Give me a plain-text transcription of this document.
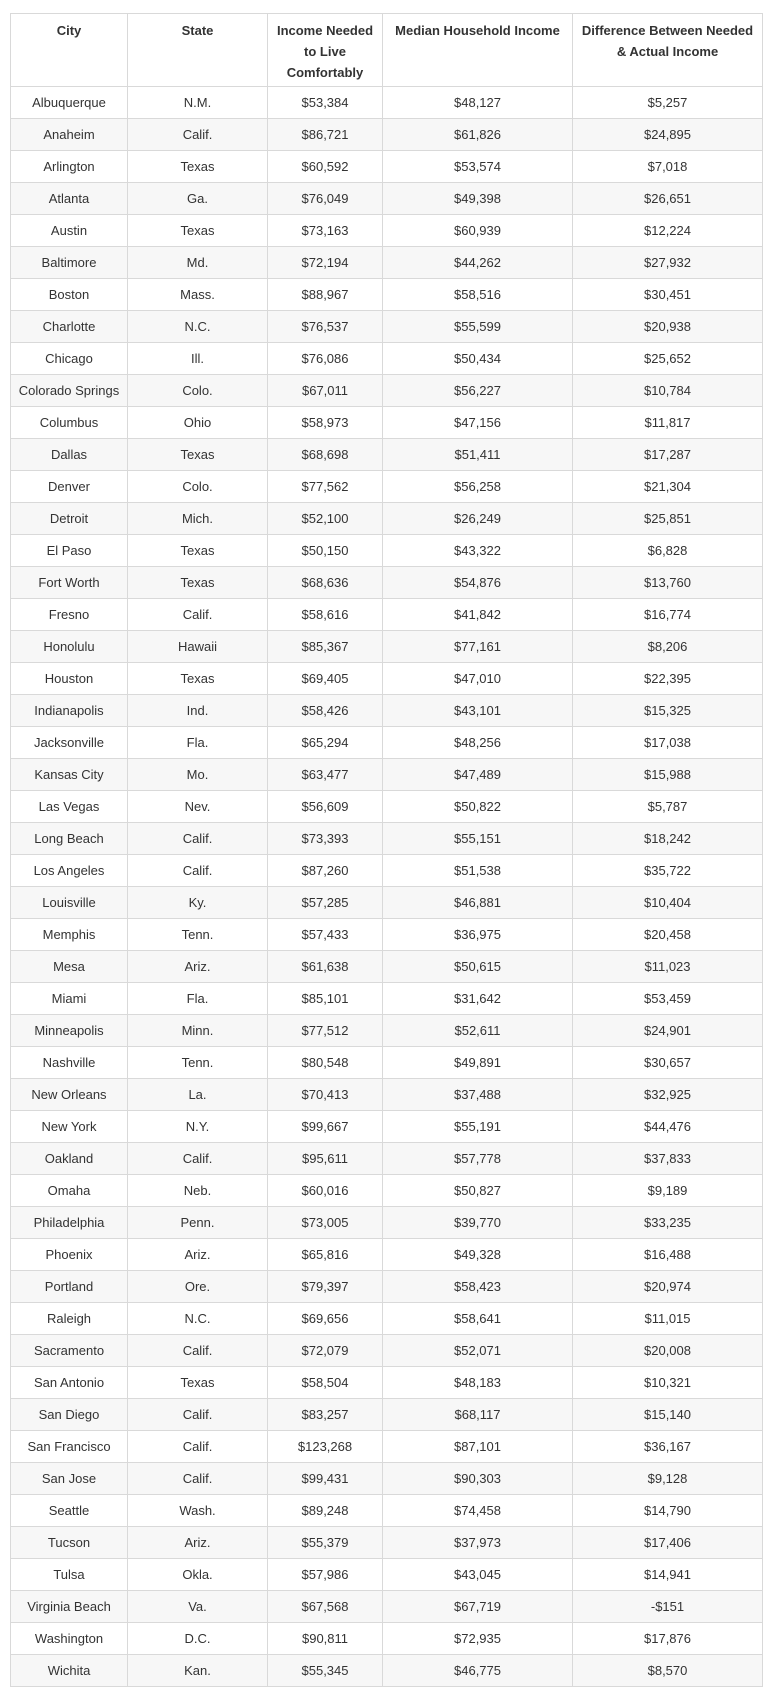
City	State	Income Needed to Live Comfortably	Median Household Income	Difference Between Needed & Actual Income
Albuquerque	N.M.	$53,384	$48,127	$5,257
Anaheim	Calif.	$86,721	$61,826	$24,895
Arlington	Texas	$60,592	$53,574	$7,018
Atlanta	Ga.	$76,049	$49,398	$26,651
Austin	Texas	$73,163	$60,939	$12,224
Baltimore	Md.	$72,194	$44,262	$27,932
Boston	Mass.	$88,967	$58,516	$30,451
Charlotte	N.C.	$76,537	$55,599	$20,938
Chicago	Ill.	$76,086	$50,434	$25,652
Colorado Springs	Colo.	$67,011	$56,227	$10,784
Columbus	Ohio	$58,973	$47,156	$11,817
Dallas	Texas	$68,698	$51,411	$17,287
Denver	Colo.	$77,562	$56,258	$21,304
Detroit	Mich.	$52,100	$26,249	$25,851
El Paso	Texas	$50,150	$43,322	$6,828
Fort Worth	Texas	$68,636	$54,876	$13,760
Fresno	Calif.	$58,616	$41,842	$16,774
Honolulu	Hawaii	$85,367	$77,161	$8,206
Houston	Texas	$69,405	$47,010	$22,395
Indianapolis	Ind.	$58,426	$43,101	$15,325
Jacksonville	Fla.	$65,294	$48,256	$17,038
Kansas City	Mo.	$63,477	$47,489	$15,988
Las Vegas	Nev.	$56,609	$50,822	$5,787
Long Beach	Calif.	$73,393	$55,151	$18,242
Los Angeles	Calif.	$87,260	$51,538	$35,722
Louisville	Ky.	$57,285	$46,881	$10,404
Memphis	Tenn.	$57,433	$36,975	$20,458
Mesa	Ariz.	$61,638	$50,615	$11,023
Miami	Fla.	$85,101	$31,642	$53,459
Minneapolis	Minn.	$77,512	$52,611	$24,901
Nashville	Tenn.	$80,548	$49,891	$30,657
New Orleans	La.	$70,413	$37,488	$32,925
New York	N.Y.	$99,667	$55,191	$44,476
Oakland	Calif.	$95,611	$57,778	$37,833
Omaha	Neb.	$60,016	$50,827	$9,189
Philadelphia	Penn.	$73,005	$39,770	$33,235
Phoenix	Ariz.	$65,816	$49,328	$16,488
Portland	Ore.	$79,397	$58,423	$20,974
Raleigh	N.C.	$69,656	$58,641	$11,015
Sacramento	Calif.	$72,079	$52,071	$20,008
San Antonio	Texas	$58,504	$48,183	$10,321
San Diego	Calif.	$83,257	$68,117	$15,140
San Francisco	Calif.	$123,268	$87,101	$36,167
San Jose	Calif.	$99,431	$90,303	$9,128
Seattle	Wash.	$89,248	$74,458	$14,790
Tucson	Ariz.	$55,379	$37,973	$17,406
Tulsa	Okla.	$57,986	$43,045	$14,941
Virginia Beach	Va.	$67,568	$67,719	-$151
Washington	D.C.	$90,811	$72,935	$17,876
Wichita	Kan.	$55,345	$46,775	$8,570
